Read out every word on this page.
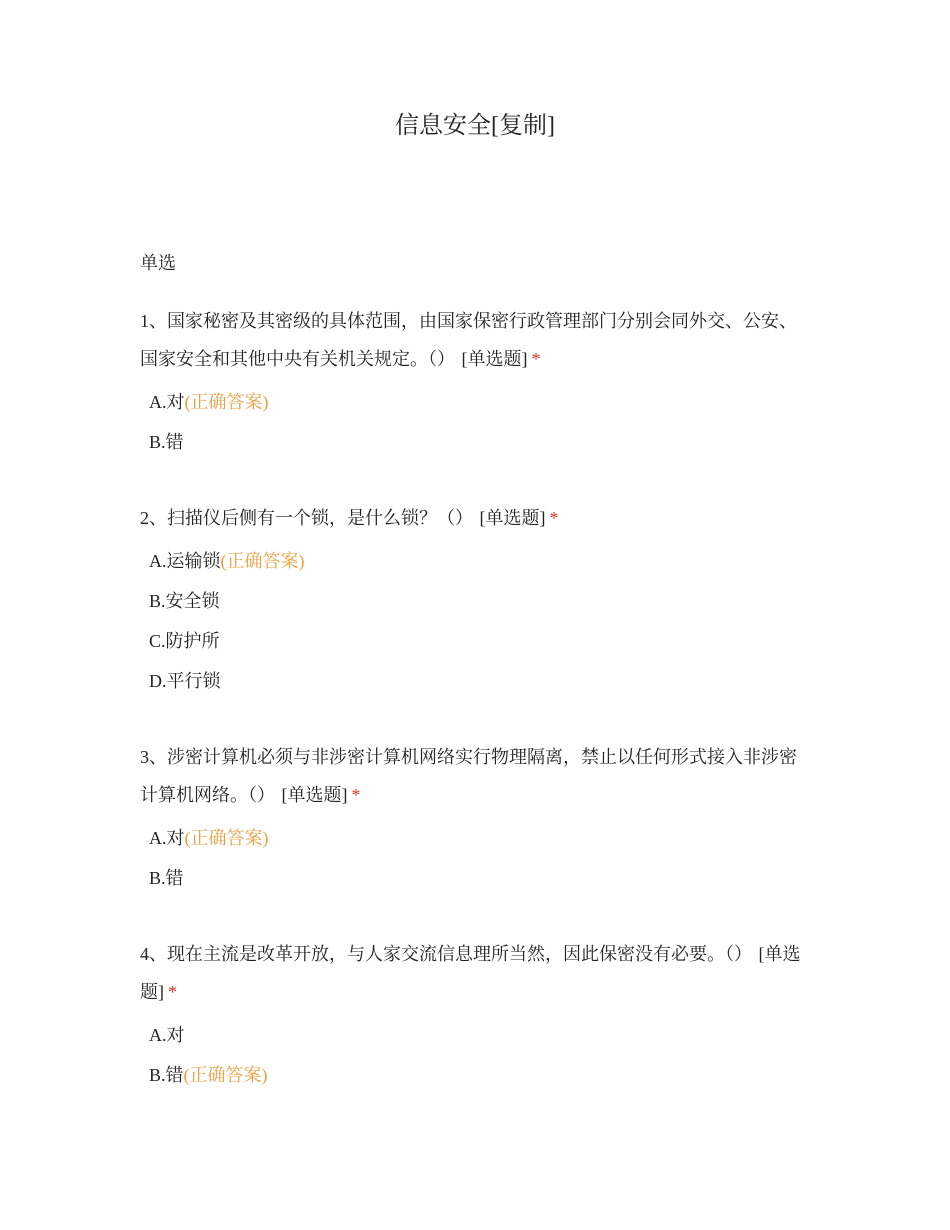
信息安全[复制]
单选
1、国家秘密及其密级的具体范围，由国家保密行政管理部门分别会同外交、公安、国家安全和其他中央有关机关规定。（） [单选题] *
A.对(正确答案)
B.错
2、扫描仪后侧有一个锁，是什么锁？（） [单选题] *
A.运输锁(正确答案)
B.安全锁
C.防护所
D.平行锁
3、涉密计算机必须与非涉密计算机网络实行物理隔离，禁止以任何形式接入非涉密计算机网络。（） [单选题] *
A.对(正确答案)
B.错
4、现在主流是改革开放，与人家交流信息理所当然，因此保密没有必要。（） [单选题] *
A.对
B.错(正确答案)
